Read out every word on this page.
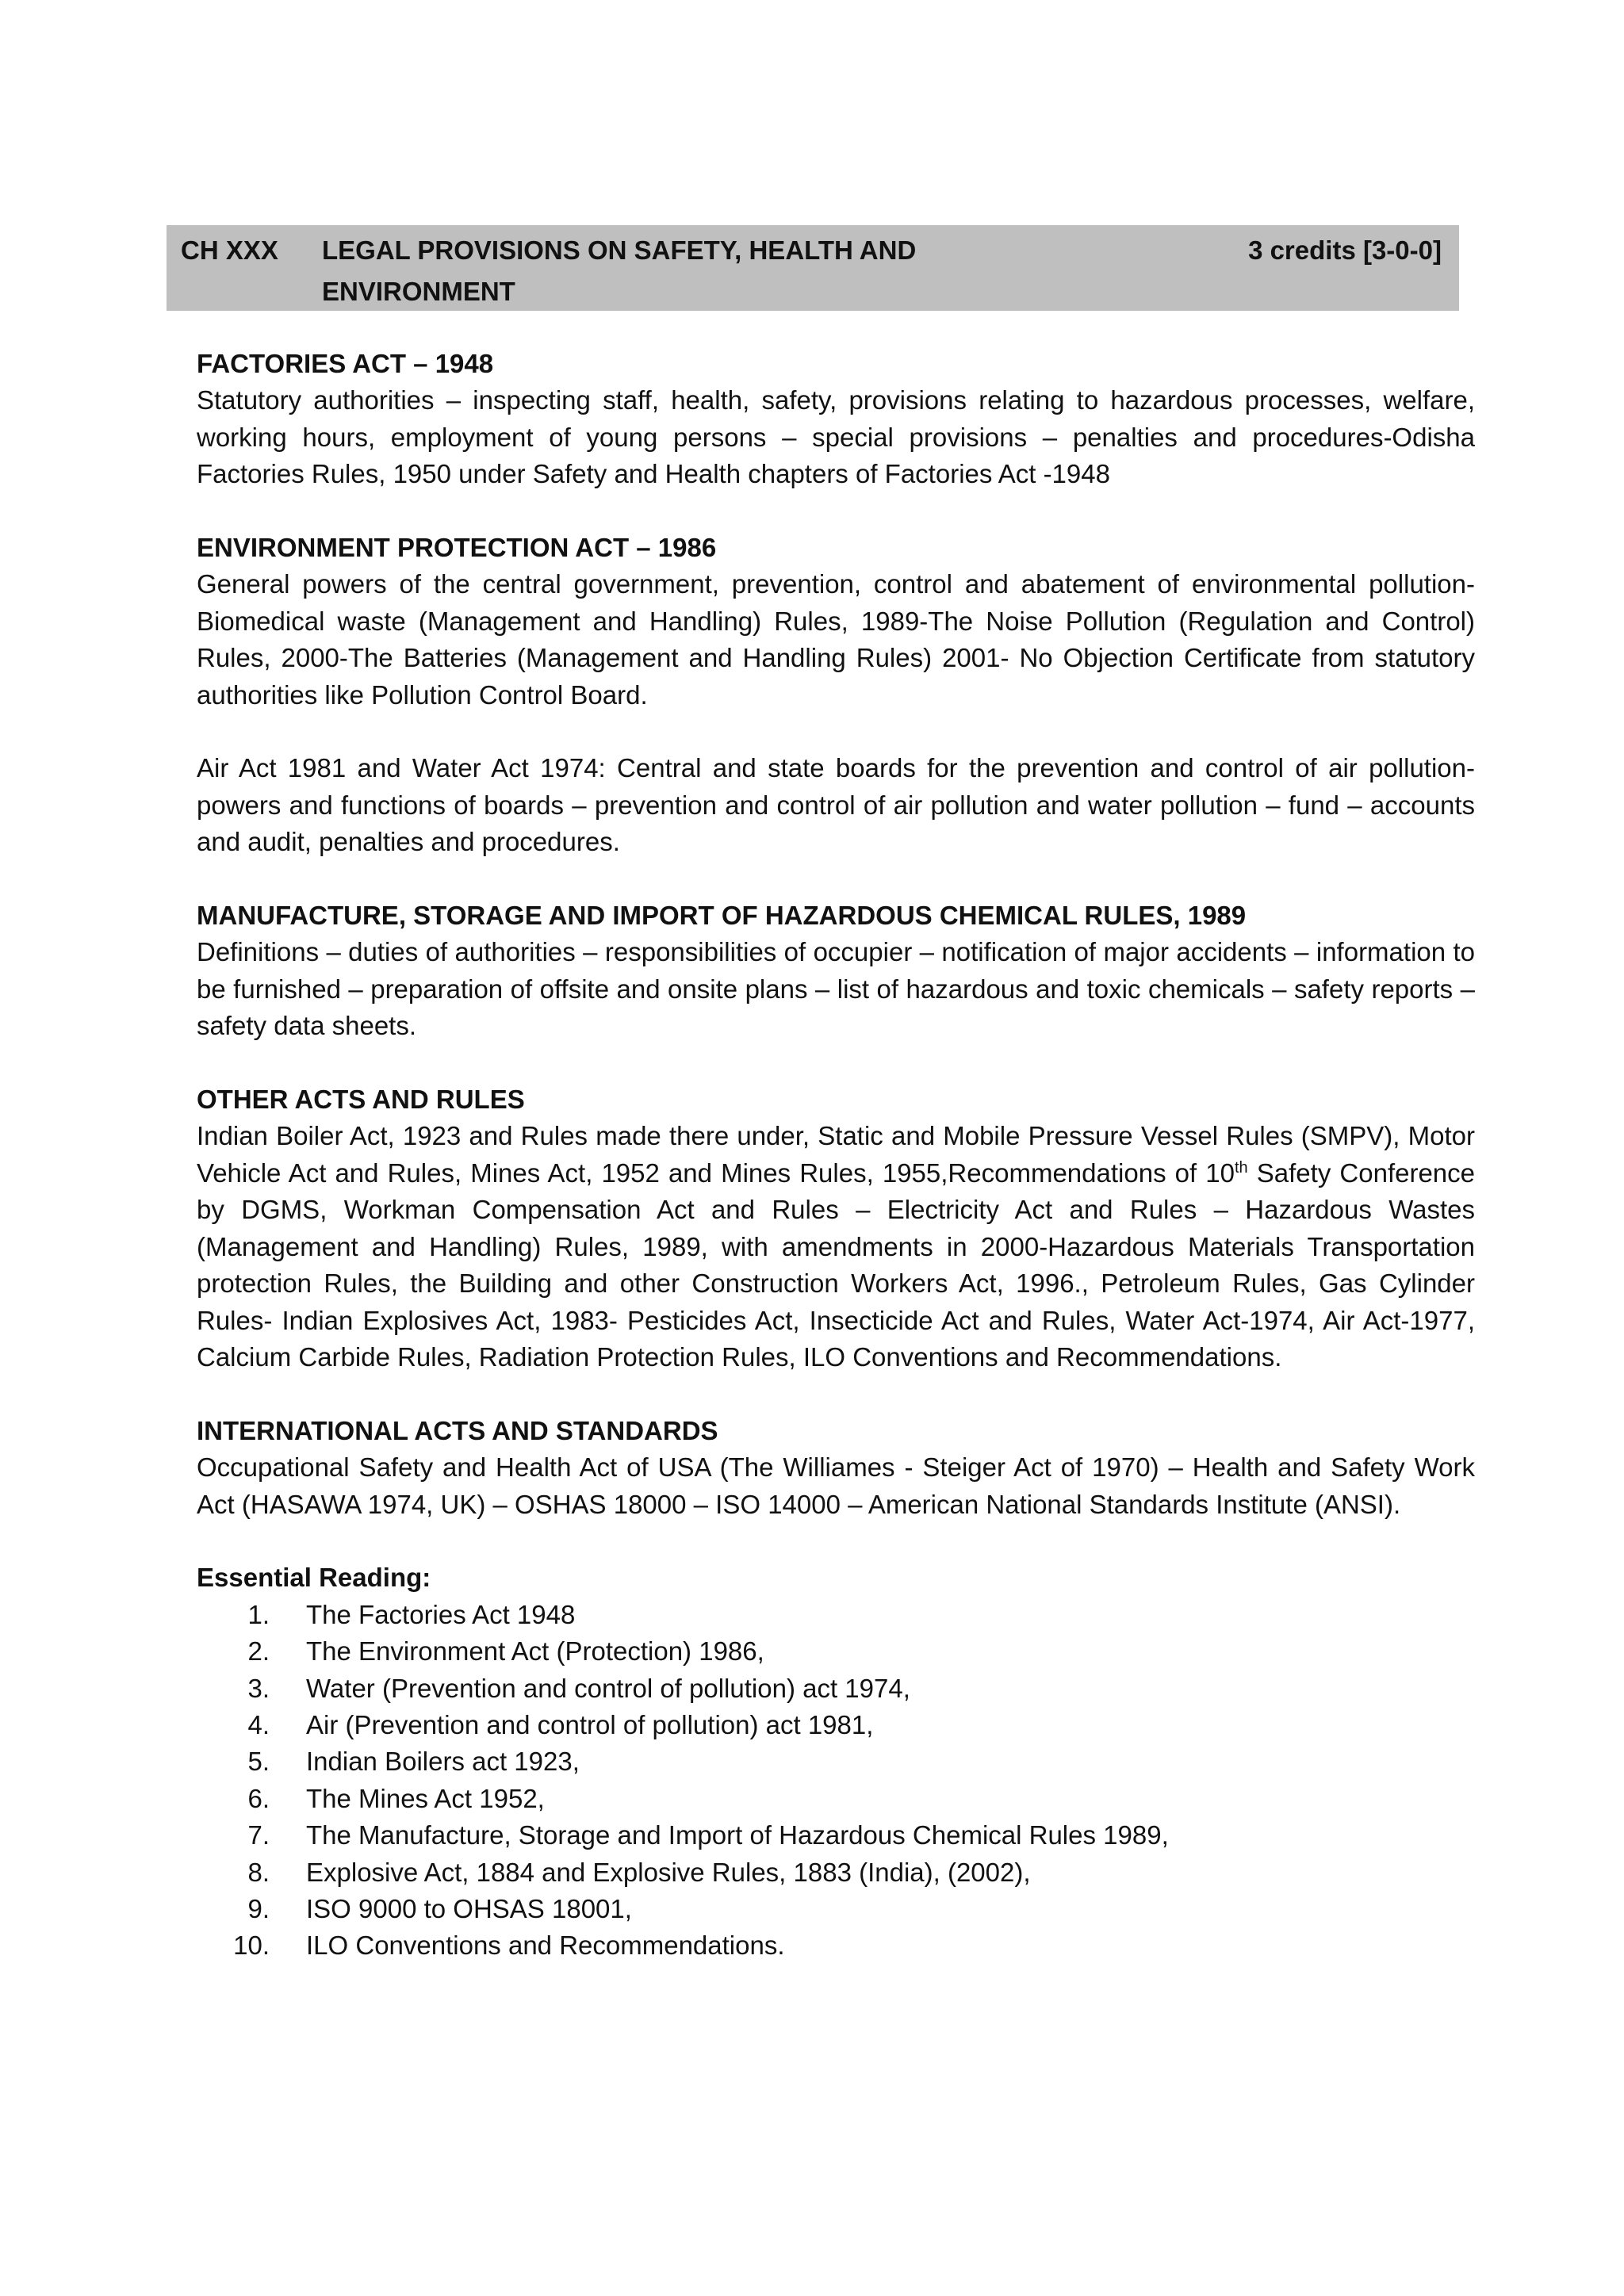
CH XXX LEGAL PROVISIONS ON SAFETY, HEALTH AND ENVIRONMENT
3 credits [3-0-0]

FACTORIES ACT – 1948

Statutory authorities – inspecting staff, health, safety, provisions relating to hazardous processes, welfare, working hours, employment of young persons – special provisions – penalties and procedures-Odisha Factories Rules, 1950 under Safety and Health chapters of Factories Act -1948

ENVIRONMENT PROTECTION ACT – 1986

General powers of the central government, prevention, control and abatement of environmental pollution-Biomedical waste (Management and Handling) Rules, 1989-The Noise Pollution (Regulation and Control) Rules, 2000-The Batteries (Management and Handling Rules) 2001- No Objection Certificate from statutory authorities like Pollution Control Board.

Air Act 1981 and Water Act 1974: Central and state boards for the prevention and control of air pollution-powers and functions of boards – prevention and control of air pollution and water pollution – fund – accounts and audit, penalties and procedures.

MANUFACTURE, STORAGE AND IMPORT OF HAZARDOUS CHEMICAL RULES, 1989

Definitions – duties of authorities – responsibilities of occupier – notification of major accidents – information to be furnished – preparation of offsite and onsite plans – list of hazardous and toxic chemicals – safety reports – safety data sheets.

OTHER ACTS AND RULES

Indian Boiler Act, 1923 and Rules made there under, Static and Mobile Pressure Vessel Rules (SMPV), Motor Vehicle Act and Rules, Mines Act, 1952 and Mines Rules, 1955,Recommendations of 10th Safety Conference by DGMS, Workman Compensation Act and Rules – Electricity Act and Rules – Hazardous Wastes (Management and Handling) Rules, 1989, with amendments in 2000-Hazardous Materials Transportation protection Rules, the Building and other Construction Workers Act, 1996., Petroleum Rules, Gas Cylinder Rules- Indian Explosives Act, 1983- Pesticides Act, Insecticide Act and Rules, Water Act-1974, Air Act-1977, Calcium Carbide Rules, Radiation Protection Rules, ILO Conventions and Recommendations.

INTERNATIONAL ACTS AND STANDARDS

Occupational Safety and Health Act of USA (The Williames - Steiger Act of 1970) – Health and Safety Work Act (HASAWA 1974, UK) – OSHAS 18000 – ISO 14000 – American National Standards Institute (ANSI).

Essential Reading:

1.	The Factories Act 1948
2.	The Environment Act (Protection) 1986,
3.	Water (Prevention and control of pollution) act 1974,
4.	Air (Prevention and control of pollution) act 1981,
5.	Indian Boilers act 1923,
6.	The Mines Act 1952,
7.	The Manufacture, Storage and Import of Hazardous Chemical Rules 1989,
8.	Explosive Act, 1884 and Explosive Rules, 1883 (India), (2002),
9.	ISO 9000 to OHSAS 18001,
10.	ILO Conventions and Recommendations.
